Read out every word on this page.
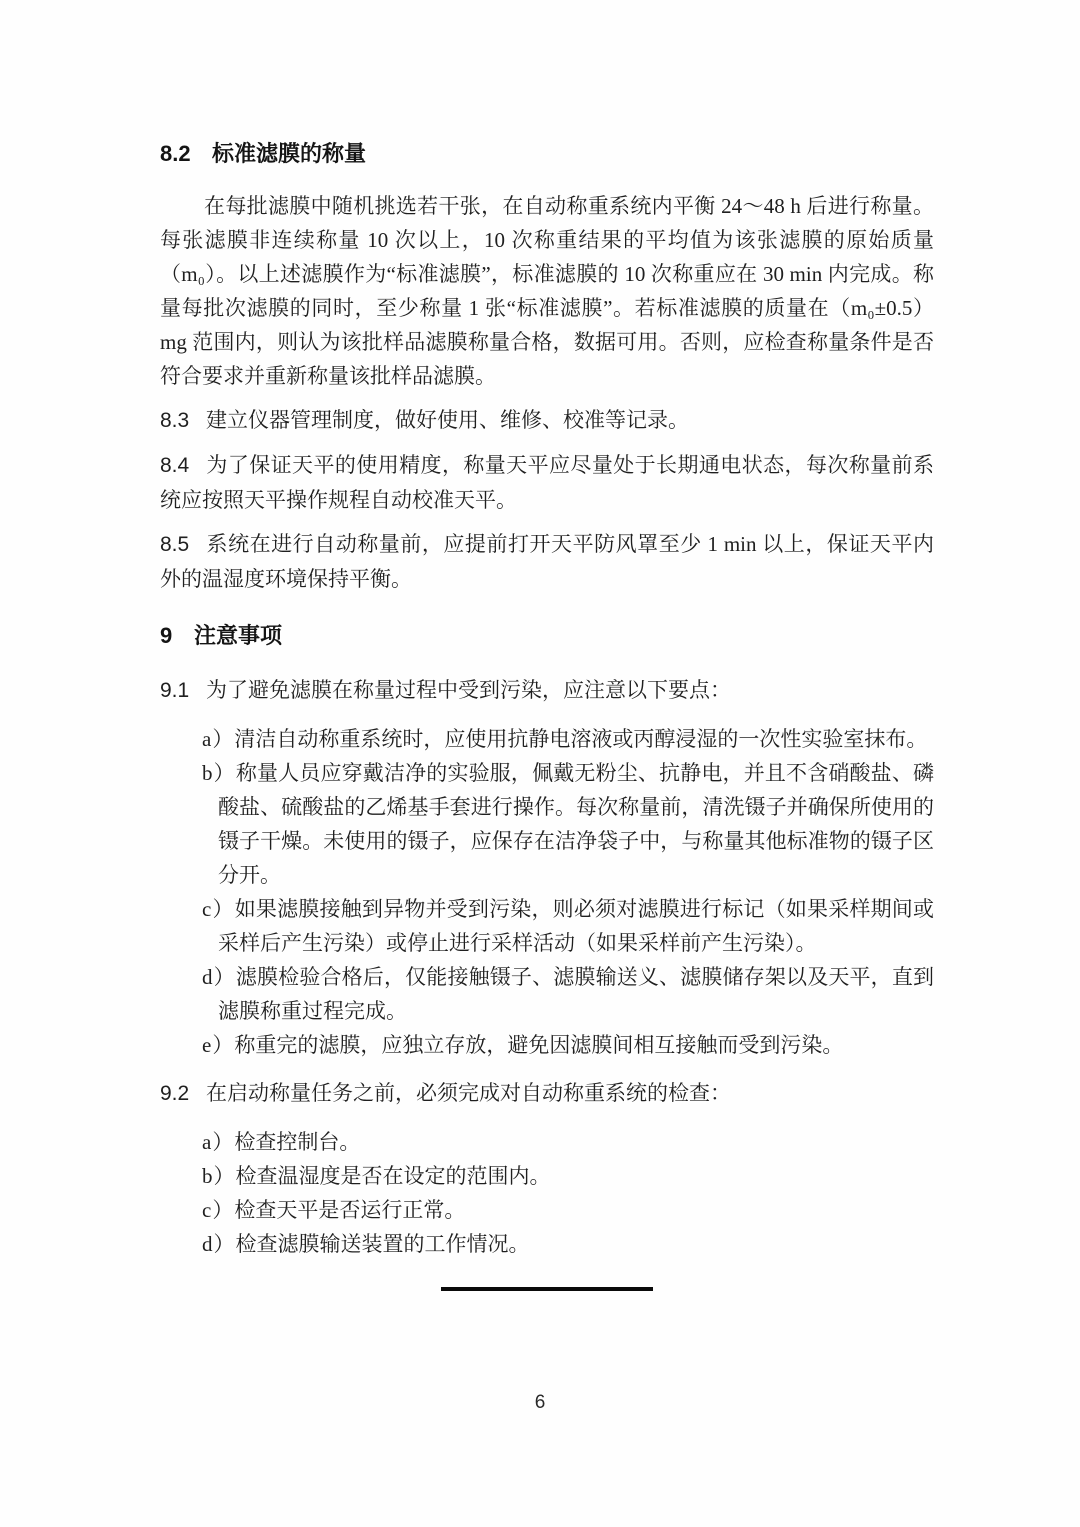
8.2 标准滤膜的称量

在每批滤膜中随机挑选若干张，在自动称重系统内平衡 24～48 h 后进行称量。每张滤膜非连续称量 10 次以上，10 次称重结果的平均值为该张滤膜的原始质量（m₀）。以上述滤膜作为“标准滤膜”，标准滤膜的 10 次称重应在 30 min 内完成。称量每批次滤膜的同时，至少称量 1 张“标准滤膜”。若标准滤膜的质量在（m₀±0.5）mg 范围内，则认为该批样品滤膜称量合格，数据可用。否则，应检查称量条件是否符合要求并重新称量该批样品滤膜。

8.3 建立仪器管理制度，做好使用、维修、校准等记录。

8.4 为了保证天平的使用精度，称量天平应尽量处于长期通电状态，每次称量前系统应按照天平操作规程自动校准天平。

8.5 系统在进行自动称量前，应提前打开天平防风罩至少 1 min 以上，保证天平内外的温湿度环境保持平衡。

9 注意事项

9.1 为了避免滤膜在称量过程中受到污染，应注意以下要点：

a）清洁自动称重系统时，应使用抗静电溶液或丙醇浸湿的一次性实验室抹布。
b）称量人员应穿戴洁净的实验服，佩戴无粉尘、抗静电，并且不含硝酸盐、磷酸盐、硫酸盐的乙烯基手套进行操作。每次称量前，清洗镊子并确保所使用的镊子干燥。未使用的镊子，应保存在洁净袋子中，与称量其他标准物的镊子区分开。
c）如果滤膜接触到异物并受到污染，则必须对滤膜进行标记（如果采样期间或采样后产生污染）或停止进行采样活动（如果采样前产生污染）。
d）滤膜检验合格后，仅能接触镊子、滤膜输送义、滤膜储存架以及天平，直到滤膜称重过程完成。
e）称重完的滤膜，应独立存放，避免因滤膜间相互接触而受到污染。

9.2 在启动称量任务之前，必须完成对自动称重系统的检查：

a）检查控制台。
b）检查温湿度是否在设定的范围内。
c）检查天平是否运行正常。
d）检查滤膜输送装置的工作情况。
6
